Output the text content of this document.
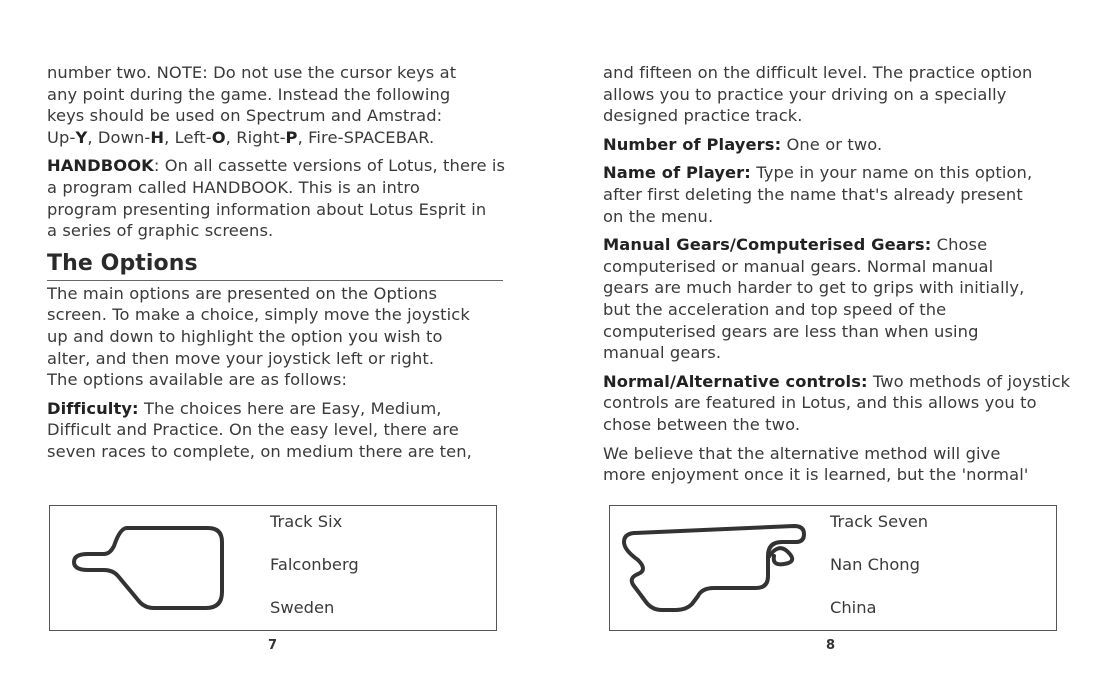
number two. NOTE: Do not use the cursor keys at
any point during the game. Instead the following
keys should be used on Spectrum and Amstrad:
Up-Y, Down-H, Left-O, Right-P, Fire-SPACEBAR.

HANDBOOK: On all cassette versions of Lotus, there is
a program called HANDBOOK. This is an intro
program presenting information about Lotus Esprit in
a series of graphic screens.

The Options

The main options are presented on the Options
screen. To make a choice, simply move the joystick
up and down to highlight the option you wish to
alter, and then move your joystick left or right.
The options available are as follows:

Difficulty: The choices here are Easy, Medium,
Difficult and Practice. On the easy level, there are
seven races to complete, on medium there are ten,

Track Six
Falconberg
Sweden
7

and fifteen on the difficult level. The practice option
allows you to practice your driving on a specially
designed practice track.

Number of Players: One or two.

Name of Player: Type in your name on this option,
after first deleting the name that's already present
on the menu.

Manual Gears/Computerised Gears: Chose
computerised or manual gears. Normal manual
gears are much harder to get to grips with initially,
but the acceleration and top speed of the
computerised gears are less than when using
manual gears.

Normal/Alternative controls: Two methods of joystick
controls are featured in Lotus, and this allows you to
chose between the two.

We believe that the alternative method will give
more enjoyment once it is learned, but the 'normal'

Track Seven
Nan Chong
China
8
